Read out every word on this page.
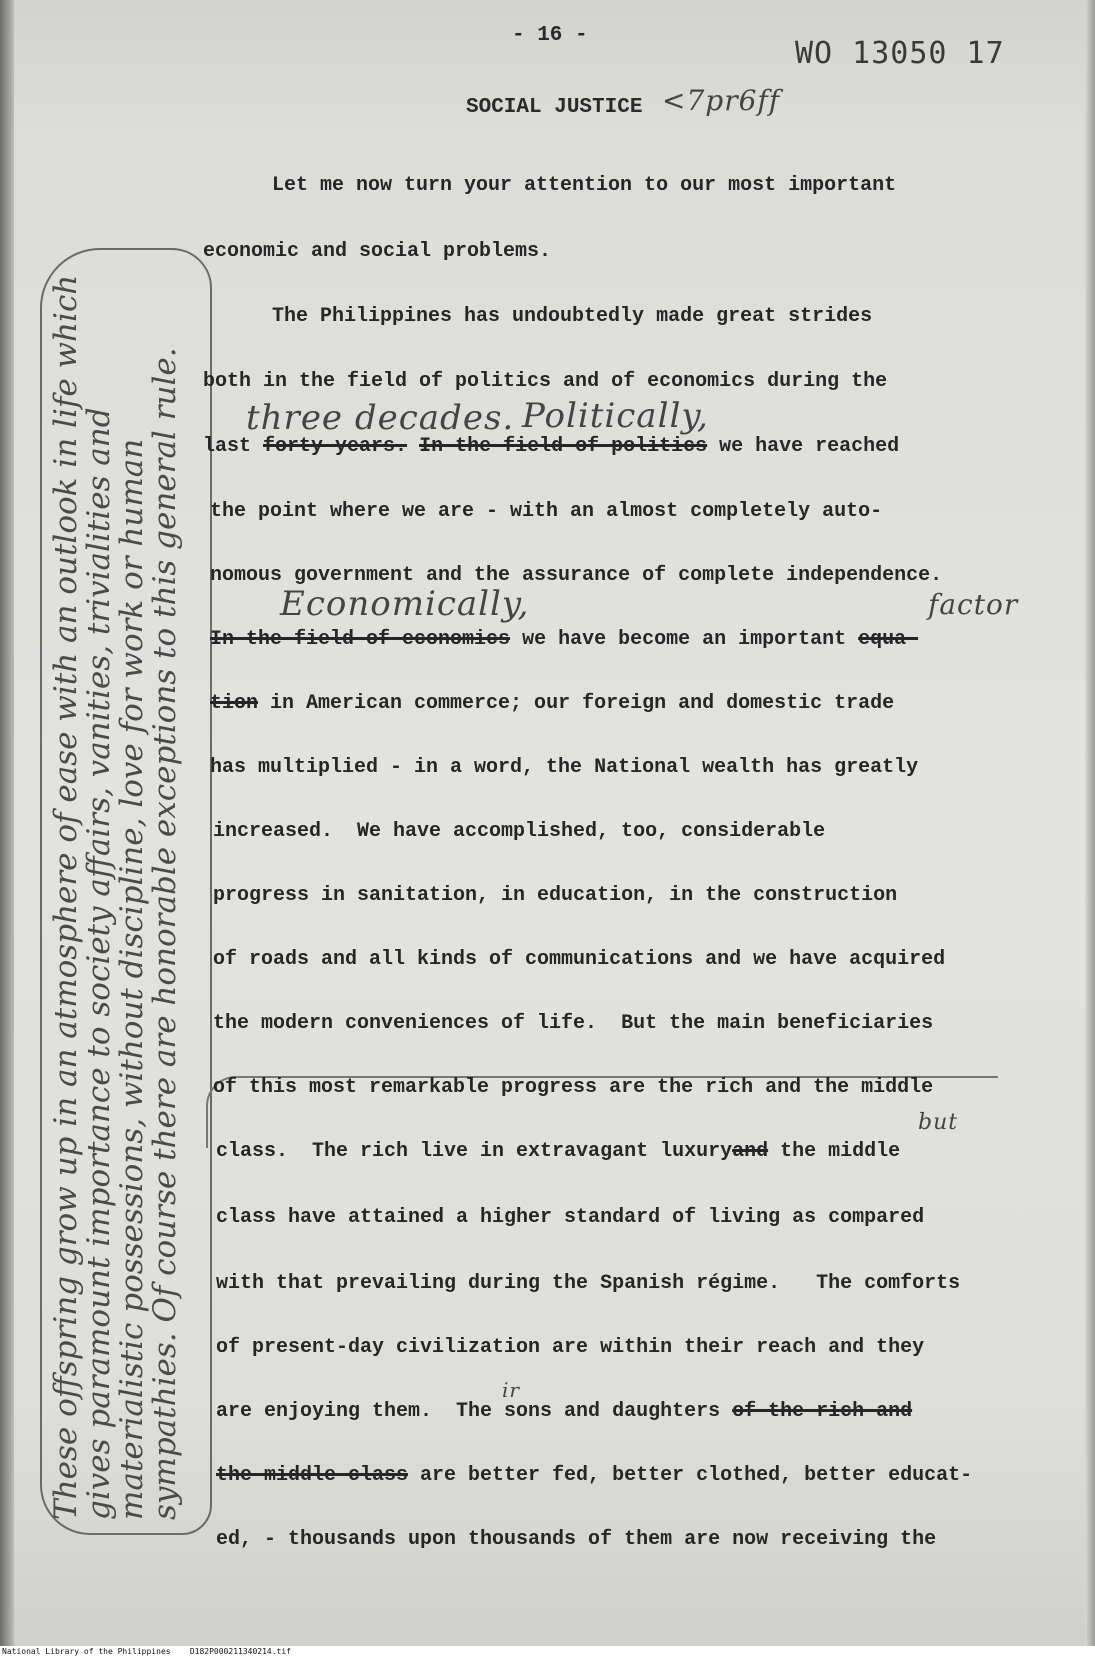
- 16 -
WO 13050 17
SOCIAL JUSTICE <7pr6ff
These offspring grow up in an atmosphere of ease with an outlook in life which gives paramount importance to society affairs, vanities, trivialities and materialistic possessions, without discipline, love for work or human sympathies. Of course there are honorable exceptions to this general rule.
Let me now turn your attention to our most important
economic and social problems.
The Philippines has undoubtedly made great strides
both in the field of politics and of economics during the
three decades. Politically,
last forty years. In the field of politics we have reached
the point where we are - with an almost completely auto-
nomous government and the assurance of complete independence.
Economically,	factor
In the field of economics we have become an important equa-
tion in American commerce; our foreign and domestic trade
has multiplied - in a word, the National wealth has greatly
increased.  We have accomplished, too, considerable
progress in sanitation, in education, in the construction
of roads and all kinds of communications and we have acquired
the modern conveniences of life.  But the main beneficiaries
of this most remarkable progress are the rich and the middle
but
class.  The rich live in extravagant luxuryand the middle
class have attained a higher standard of living as compared
with that prevailing during the Spanish régime.   The comforts
of present-day civilization are within their reach and they
ir
are enjoying them.  The sons and daughters of the rich and
the middle class are better fed, better clothed, better educat-
ed, - thousands upon thousands of them are now receiving the
National Library of the Philippines    D182P000211340214.tif
